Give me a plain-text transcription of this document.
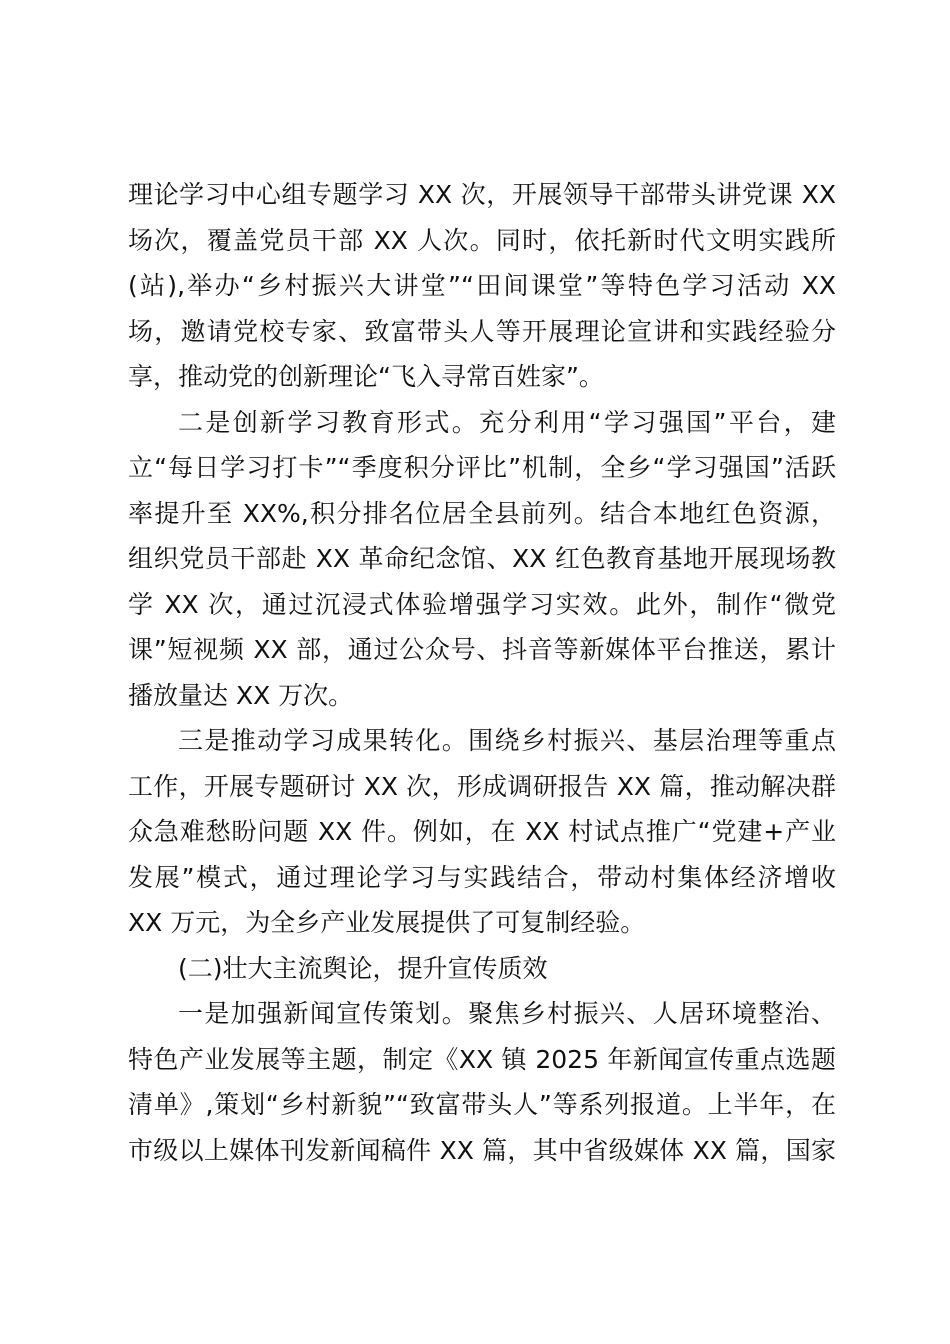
理论学习中心组专题学习 XX 次，开展领导干部带头讲党课 XX
场次，覆盖党员干部 XX 人次。同时，依托新时代文明实践所
(站),举办“乡村振兴大讲堂”“田间课堂”等特色学习活动 XX
场，邀请党校专家、致富带头人等开展理论宣讲和实践经验分
享，推动党的创新理论“飞入寻常百姓家”。
二是创新学习教育形式。充分利用“学习强国”平台，建
立“每日学习打卡”“季度积分评比”机制，全乡“学习强国”活跃
率提升至 XX%,积分排名位居全县前列。结合本地红色资源，
组织党员干部赴 XX 革命纪念馆、XX 红色教育基地开展现场教
学 XX 次，通过沉浸式体验增强学习实效。此外，制作“微党
课”短视频 XX 部，通过公众号、抖音等新媒体平台推送，累计
播放量达 XX 万次。
三是推动学习成果转化。围绕乡村振兴、基层治理等重点
工作，开展专题研讨 XX 次，形成调研报告 XX 篇，推动解决群
众急难愁盼问题 XX 件。例如，在 XX 村试点推广“党建+产业
发展”模式，通过理论学习与实践结合，带动村集体经济增收
XX 万元，为全乡产业发展提供了可复制经验。
(二)壮大主流舆论，提升宣传质效
一是加强新闻宣传策划。聚焦乡村振兴、人居环境整治、
特色产业发展等主题，制定《XX 镇 2025 年新闻宣传重点选题
清单》,策划“乡村新貌”“致富带头人”等系列报道。上半年，在
市级以上媒体刊发新闻稿件 XX 篇，其中省级媒体 XX 篇，国家
